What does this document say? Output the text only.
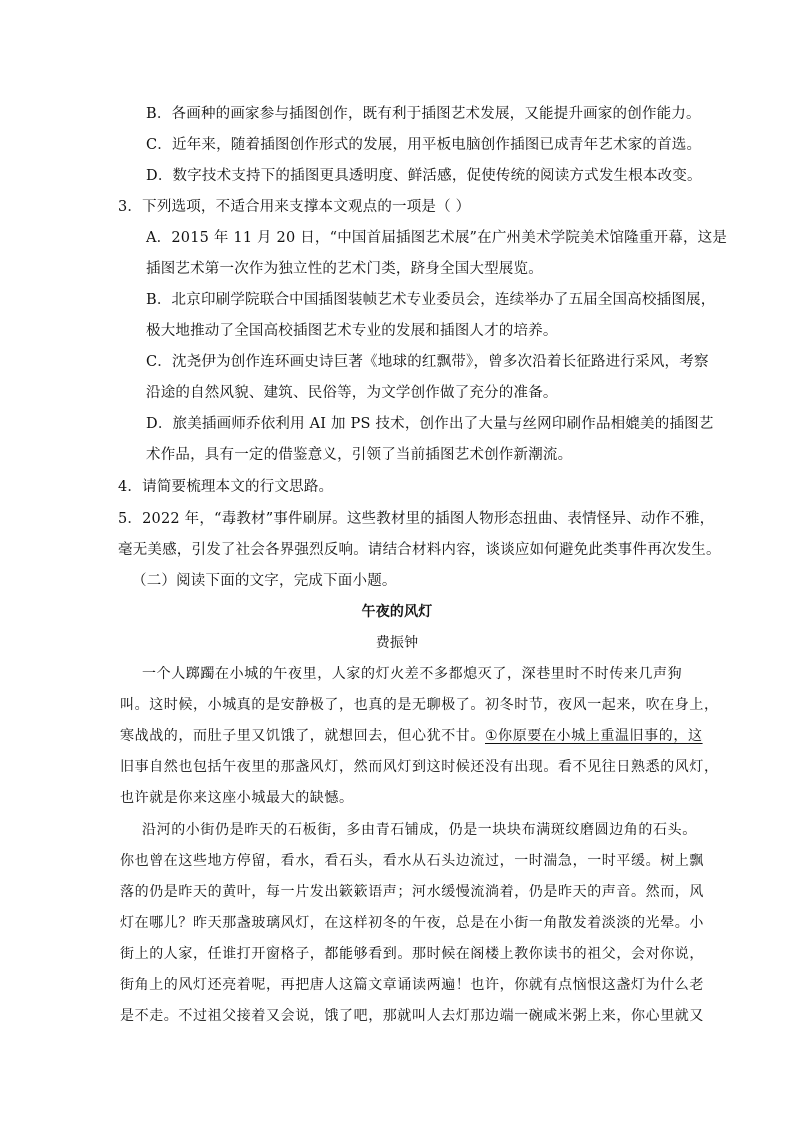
B．各画种的画家参与插图创作，既有利于插图艺术发展，又能提升画家的创作能力。
C．近年来，随着插图创作形式的发展，用平板电脑创作插图已成青年艺术家的首选。
D．数字技术支持下的插图更具透明度、鲜活感，促使传统的阅读方式发生根本改变。
3．下列选项，不适合用来支撑本文观点的一项是（ ）
A．2015 年 11 月 20 日，“中国首届插图艺术展”在广州美术学院美术馆隆重开幕，这是
插图艺术第一次作为独立性的艺术门类，跻身全国大型展览。
B．北京印刷学院联合中国插图装帧艺术专业委员会，连续举办了五届全国高校插图展，
极大地推动了全国高校插图艺术专业的发展和插图人才的培养。
C．沈尧伊为创作连环画史诗巨著《地球的红飘带》，曾多次沿着长征路进行采风，考察
沿途的自然风貌、建筑、民俗等，为文学创作做了充分的准备。
D．旅美插画师乔依利用 AI 加 PS 技术，创作出了大量与丝网印刷作品相媲美的插图艺
术作品，具有一定的借鉴意义，引领了当前插图艺术创作新潮流。
4．请简要梳理本文的行文思路。
5．2022 年，“毒教材”事件刷屏。这些教材里的插图人物形态扭曲、表情怪异、动作不雅，
毫无美感，引发了社会各界强烈反响。请结合材料内容，谈谈应如何避免此类事件再次发生。
（二）阅读下面的文字，完成下面小题。
午夜的风灯
费振钟
一个人踯躅在小城的午夜里，人家的灯火差不多都熄灭了，深巷里时不时传来几声狗
叫。这时候，小城真的是安静极了，也真的是无聊极了。初冬时节，夜风一起来，吹在身上，
寒战战的，而肚子里又饥饿了，就想回去，但心犹不甘。①你原要在小城上重温旧事的，这
旧事自然也包括午夜里的那盏风灯，然而风灯到这时候还没有出现。看不见往日熟悉的风灯，
也许就是你来这座小城最大的缺憾。
沿河的小街仍是昨天的石板街，多由青石铺成，仍是一块块布满斑纹磨圆边角的石头。
你也曾在这些地方停留，看水，看石头，看水从石头边流过，一时湍急，一时平缓。树上飘
落的仍是昨天的黄叶，每一片发出簌簌语声；河水缓慢流淌着，仍是昨天的声音。然而，风
灯在哪儿？昨天那盏玻璃风灯，在这样初冬的午夜，总是在小街一角散发着淡淡的光晕。小
街上的人家，任谁打开窗格子，都能够看到。那时候在阁楼上教你读书的祖父，会对你说，
街角上的风灯还亮着呢，再把唐人这篇文章诵读两遍！也许，你就有点恼恨这盏灯为什么老
是不走。不过祖父接着又会说，饿了吧，那就叫人去灯那边端一碗咸米粥上来，你心里就又
